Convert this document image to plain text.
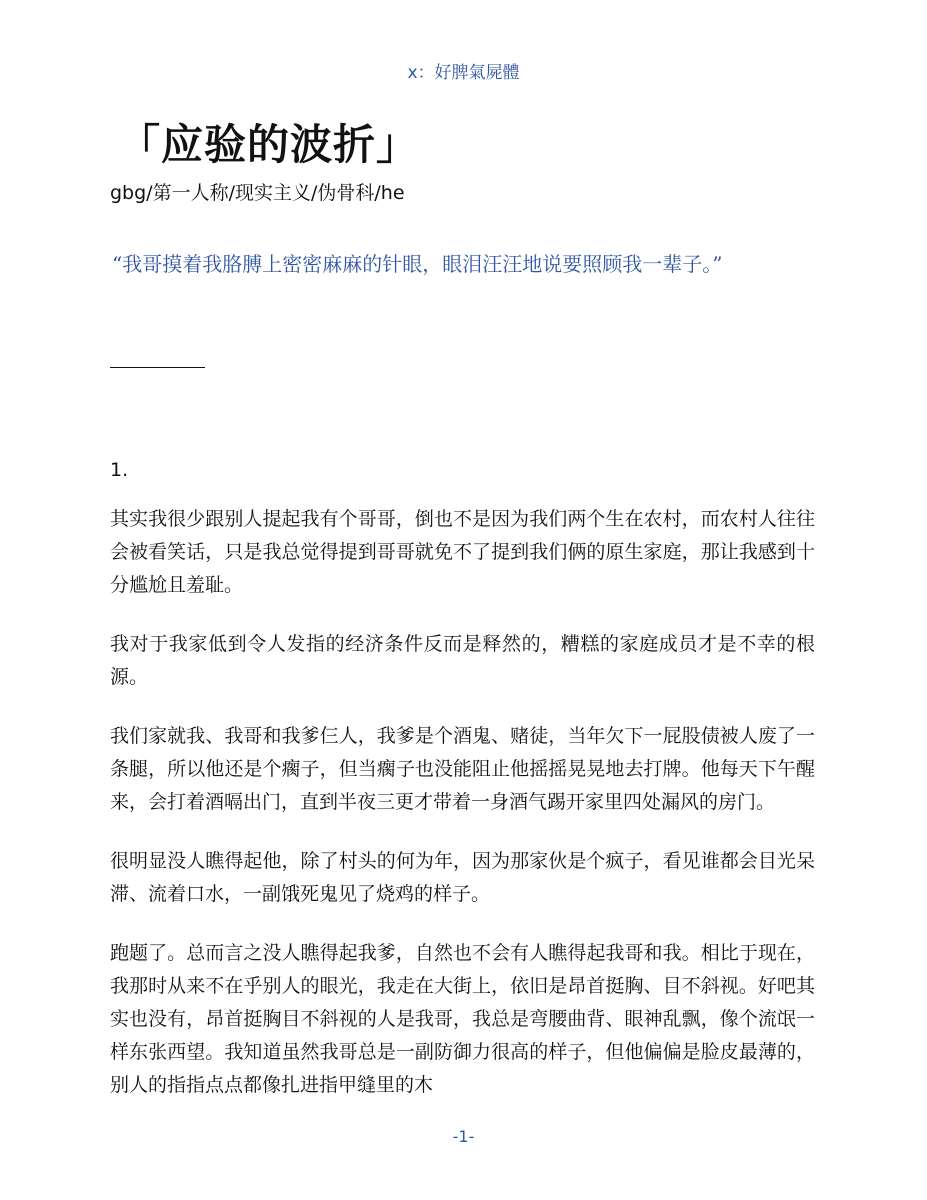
x：好脾氣屍體
「应验的波折」
gbg/第一人称/现实主义/伪骨科/he
“我哥摸着我胳膊上密密麻麻的针眼，眼泪汪汪地说要照顾我一辈子。”
1.

其实我很少跟别人提起我有个哥哥，倒也不是因为我们两个生在农村，而农村人往往会被看笑话，只是我总觉得提到哥哥就免不了提到我们俩的原生家庭，那让我感到十分尴尬且羞耻。

我对于我家低到令人发指的经济条件反而是释然的，糟糕的家庭成员才是不幸的根源。

我们家就我、我哥和我爹仨人，我爹是个酒鬼、赌徒，当年欠下一屁股债被人废了一条腿，所以他还是个瘸子，但当瘸子也没能阻止他摇摇晃晃地去打牌。他每天下午醒来，会打着酒嗝出门，直到半夜三更才带着一身酒气踢开家里四处漏风的房门。

很明显没人瞧得起他，除了村头的何为年，因为那家伙是个疯子，看见谁都会目光呆滞、流着口水，一副饿死鬼见了烧鸡的样子。

跑题了。总而言之没人瞧得起我爹，自然也不会有人瞧得起我哥和我。相比于现在，我那时从来不在乎别人的眼光，我走在大街上，依旧是昂首挺胸、目不斜视。好吧其实也没有，昂首挺胸目不斜视的人是我哥，我总是弯腰曲背、眼神乱飘，像个流氓一样东张西望。我知道虽然我哥总是一副防御力很高的样子，但他偏偏是脸皮最薄的，别人的指指点点都像扎进指甲缝里的木

-1-
